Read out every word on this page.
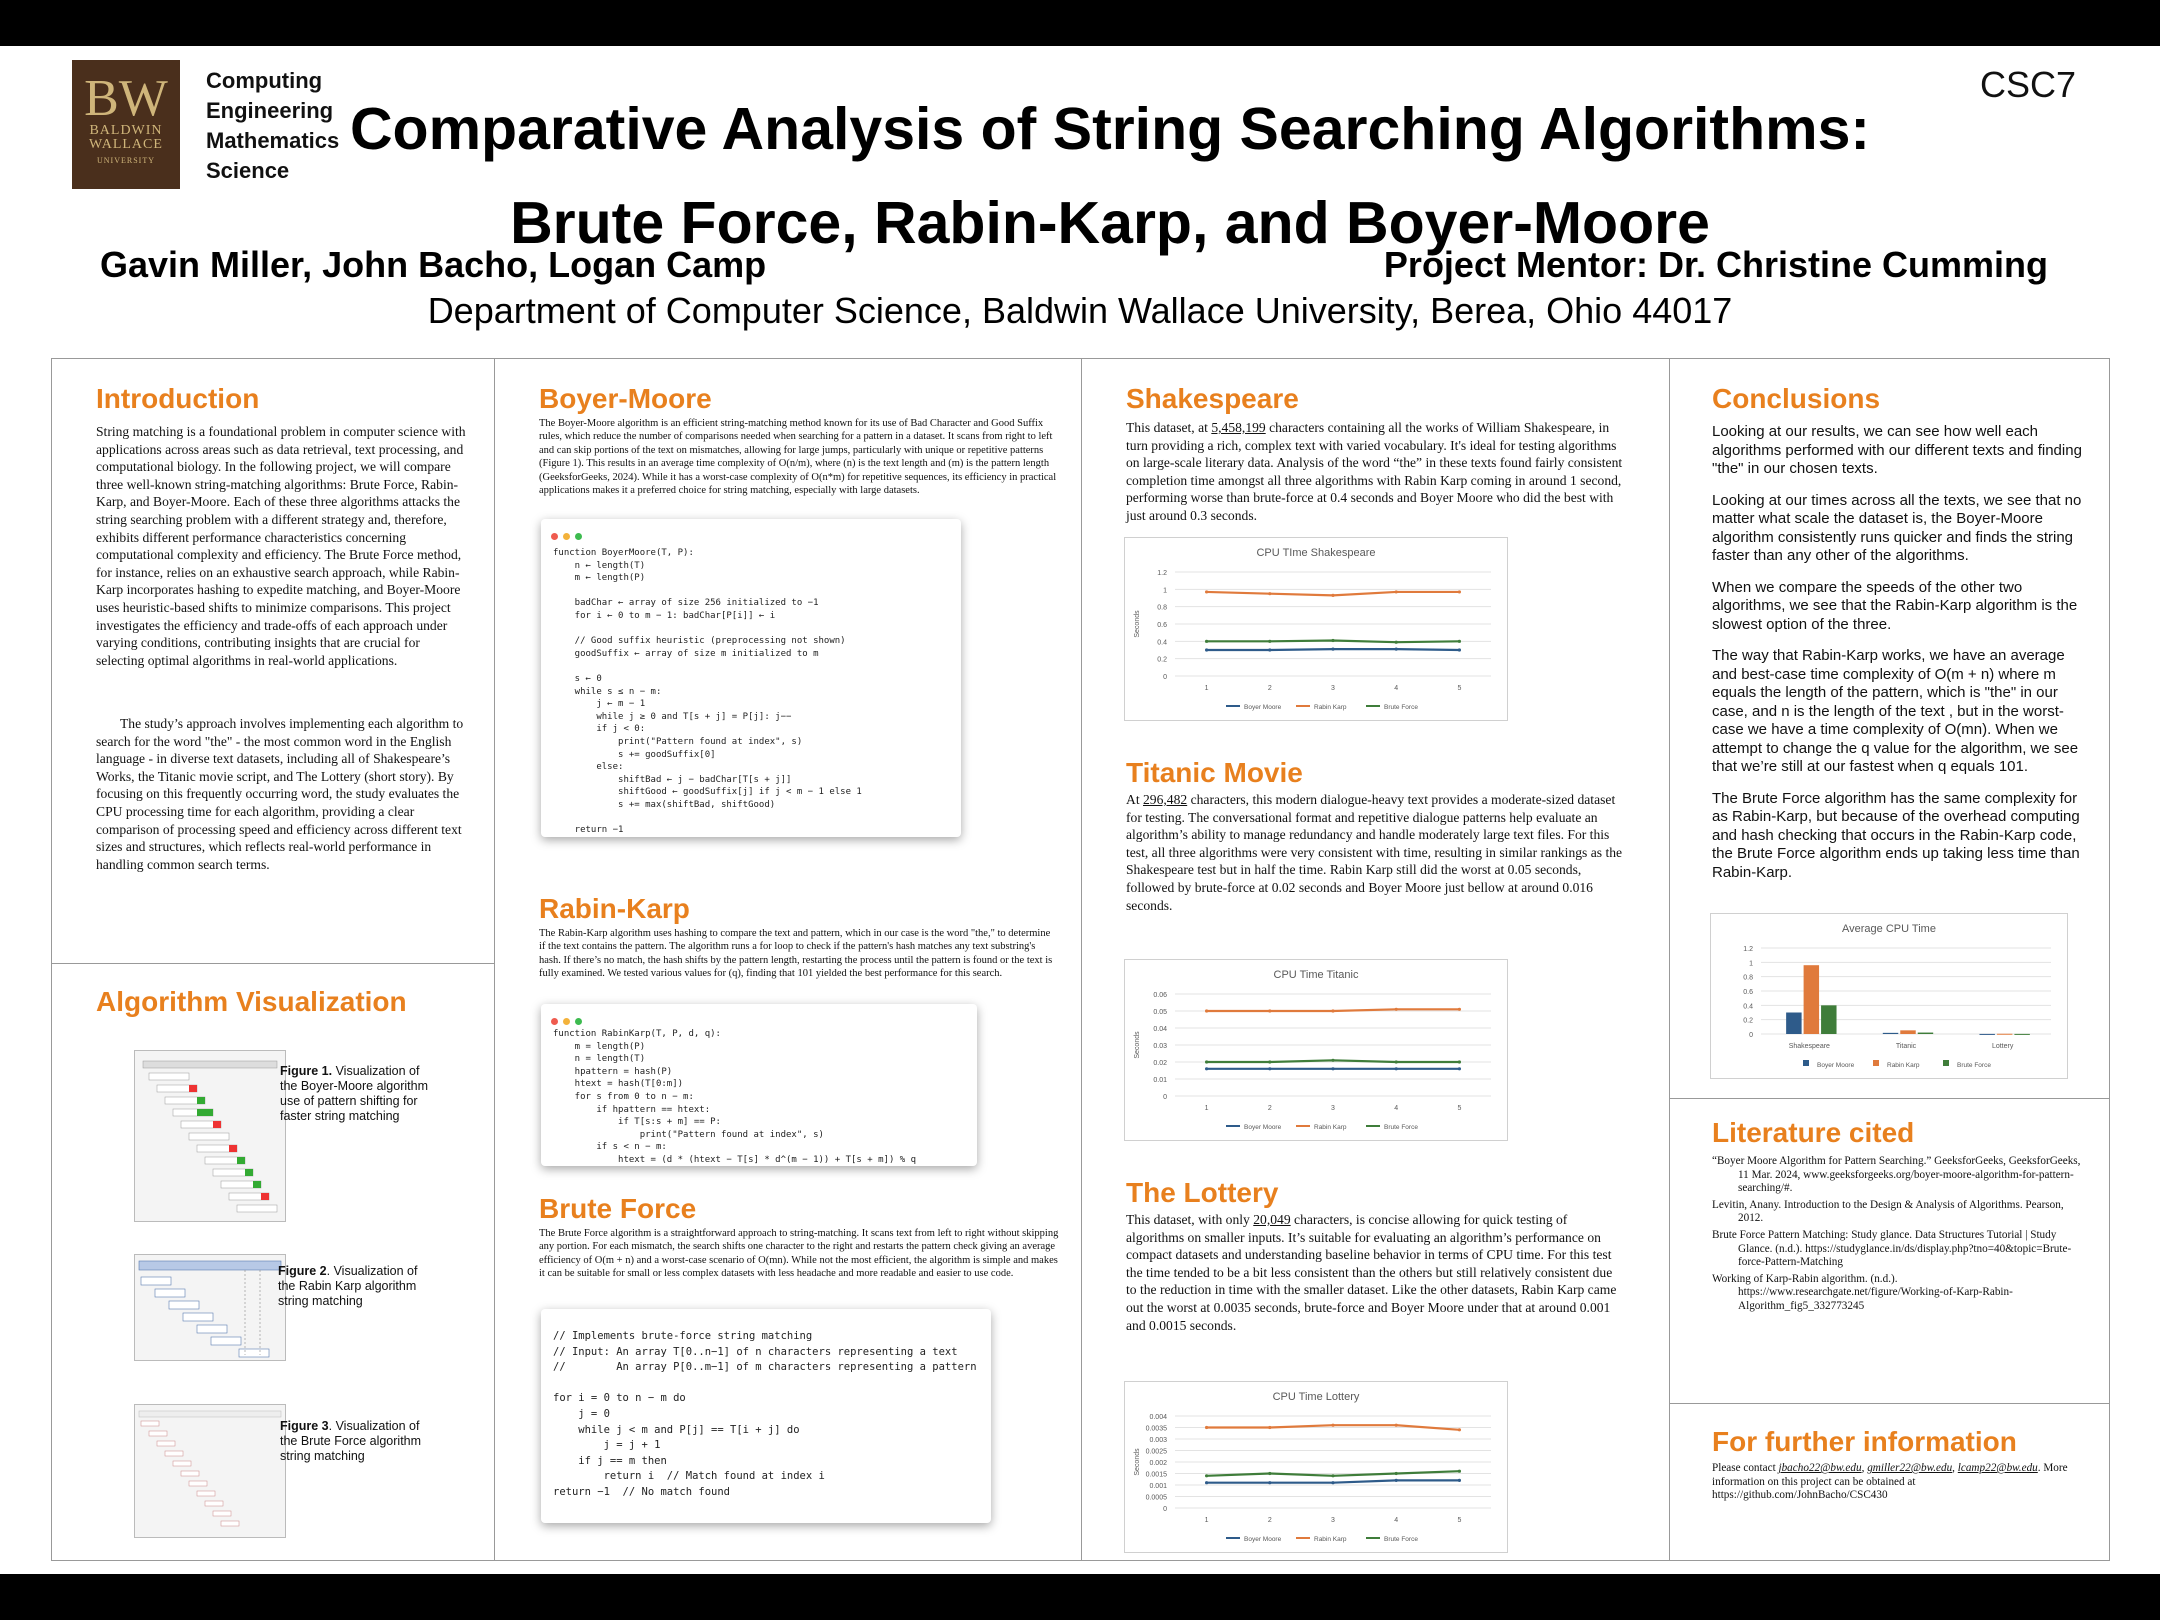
BW
BALDWIN
WALLACE
UNIVERSITY
Computing
Engineering
Mathematics
Science
CSC7
Comparative Analysis of String Searching Algorithms:
Brute Force, Rabin-Karp, and Boyer-Moore
Gavin Miller, John Bacho, Logan Camp	Project Mentor: Dr. Christine Cumming
Department of Computer Science, Baldwin Wallace University, Berea, Ohio 44017
Introduction

String matching is a foundational problem in computer science with applications across areas such as data retrieval, text processing, and computational biology. In the following project, we will compare three well-known string-matching algorithms: Brute Force, Rabin-Karp, and Boyer-Moore. Each of these three algorithms attacks the string searching problem with a different strategy and, therefore, exhibits different performance characteristics concerning computational complexity and efficiency. The Brute Force method, for instance, relies on an exhaustive search approach, while Rabin-Karp incorporates hashing to expedite matching, and Boyer-Moore uses heuristic-based shifts to minimize comparisons. This project investigates the efficiency and trade-offs of each approach under varying conditions, contributing insights that are crucial for selecting optimal algorithms in real-world applications.

The study’s approach involves implementing each algorithm to search for the word "the" - the most common word in the English language - in diverse text datasets, including all of Shakespeare’s Works, the Titanic movie script, and The Lottery (short story). By focusing on this frequently occurring word, the study evaluates the CPU processing time for each algorithm, providing a clear comparison of processing speed and efficiency across different text sizes and structures, which reflects real-world performance in handling common search terms.

Algorithm Visualization
Figure 1. Visualization of the Boyer-Moore algorithm use of pattern shifting for faster string matching
Figure 2. Visualization of the Rabin Karp algorithm string matching
Figure 3. Visualization of the Brute Force algorithm string matching
Boyer-Moore

The Boyer-Moore algorithm is an efficient string-matching method known for its use of Bad Character and Good Suffix rules, which reduce the number of comparisons needed when searching for a pattern in a dataset. It scans from right to left and can skip portions of the text on mismatches, allowing for large jumps, particularly with unique or repetitive patterns (Figure 1). This results in an average time complexity of O(n/m), where (n) is the text length and (m) is the pattern length (GeeksforGeeks, 2024). While it has a worst-case complexity of O(n*m) for repetitive sequences, its efficiency in practical applications makes it a preferred choice for string matching, especially with large datasets.

function BoyerMoore(T, P):
n ← length(T)
m ← length(P)

badChar ← array of size 256 initialized to −1
for i ← 0 to m − 1: badChar[P[i]] ← i

// Good suffix heuristic (preprocessing not shown)
goodSuffix ← array of size m initialized to m

s ← 0
while s ≤ n − m:
j ← m − 1
while j ≥ 0 and T[s + j] = P[j]: j−−
if j < 0:
print("Pattern found at index", s)
s += goodSuffix[0]
else:
shiftBad ← j − badChar[T[s + j]]
shiftGood ← goodSuffix[j] if j < m − 1 else 1
s += max(shiftBad, shiftGood)

return −1
Rabin-Karp

The Rabin-Karp algorithm uses hashing to compare the text and pattern, which in our case is the word "the," to determine if the text contains the pattern. The algorithm runs a for loop to check if the pattern's hash matches any text substring's hash. If there’s no match, the hash shifts by the pattern length, restarting the process until the pattern is found or the text is fully examined. We tested various values for (q), finding that 101 yielded the best performance for this search.

function RabinKarp(T, P, d, q):
m = length(P)
n = length(T)
hpattern = hash(P)
htext = hash(T[0:m])
for s from 0 to n − m:
if hpattern == htext:
if T[s:s + m] == P:
print("Pattern found at index", s)
if s < n − m:
htext = (d * (htext − T[s] * d^(m − 1)) + T[s + m]) % q
Brute Force

The Brute Force algorithm is a straightforward approach to string-matching. It scans text from left to right without skipping any portion. For each mismatch, the search shifts one character to the right and restarts the pattern check giving an average efficiency of O(m + n) and a worst-case scenario of O(mn). While not the most efficient, the algorithm is simple and makes it can be suitable for small or less complex datasets with less headache and more readable and easier to use code.

// Implements brute-force string matching
// Input: An array T[0..n−1] of n characters representing a text
//        An array P[0..m−1] of m characters representing a pattern

for i = 0 to n − m do
j = 0
while j < m and P[j] == T[i + j] do
j = j + 1
if j == m then
return i  // Match found at index i
return −1  // No match found
Shakespeare

This dataset, at 5,458,199 characters containing all the works of William Shakespeare, in turn providing a rich, complex text with varied vocabulary. It's ideal for testing algorithms on large-scale literary data. Analysis of the word “the” in these texts found fairly consistent completion time amongst all three algorithms with Rabin Karp coming in around 1 second, performing worse than brute-force at 0.4 seconds and Boyer Moore who did the best with just around 0.3 seconds.

CPU TIme Shakespeare
0
0.2
0.4
0.6
0.8
1
1.2
Seconds
1	2	3	4	5
Boyer Moore	Rabin Karp	Brute Force
Titanic Movie

At 296,482 characters, this modern dialogue-heavy text provides a moderate-sized dataset for testing. The conversational format and repetitive dialogue patterns help evaluate an algorithm’s ability to manage redundancy and handle moderately large text files. For this test, all three algorithms were very consistent with time, resulting in similar rankings as the Shakespeare test but in half the time. Rabin Karp still did the worst at 0.05 seconds, followed by brute-force at 0.02 seconds and Boyer Moore just bellow at around 0.016 seconds.

CPU Time Titanic
0
0.01
0.02
0.03
0.04
0.05
0.06
Seconds
1	2	3	4	5
Boyer Moore	Rabin Karp	Brute Force
The Lottery

This dataset, with only 20,049 characters, is concise allowing for quick testing of algorithms on smaller inputs. It’s suitable for evaluating an algorithm’s performance on compact datasets and understanding baseline behavior in terms of CPU time. For this test the time tended to be a bit less consistent than the others but still relatively consistent due to the reduction in time with the smaller dataset. Like the other datasets, Rabin Karp came out the worst at 0.0035 seconds, brute-force and Boyer Moore under that at around 0.001 and 0.0015 seconds.

CPU Time Lottery
0
0.0005
0.001
0.0015
0.002
0.0025
0.003
0.0035
0.004
Seconds
1	2	3	4	5
Boyer Moore	Rabin Karp	Brute Force
Conclusions

Looking at our results, we can see how well each algorithms performed with our different texts and finding "the" in our chosen texts.

Looking at our times across all the texts, we see that no matter what scale the dataset is, the Boyer-Moore algorithm consistently runs quicker and finds the string faster than any other of the algorithms.

When we compare the speeds of the other two algorithms, we see that the Rabin-Karp algorithm is the slowest option of the three.

The way that Rabin-Karp works, we have an average and best-case time complexity of O(m + n) where m equals the length of the pattern, which is "the" in our case, and n is the length of the text , but in the worst-case we have a time complexity of O(mn). When we attempt to change the q value for the algorithm, we see that we’re still at our fastest when q equals 101.

The Brute Force algorithm has the same complexity for as Rabin-Karp, but because of the overhead computing and hash checking that occurs in the Rabin-Karp code, the Brute Force algorithm ends up taking less time than Rabin-Karp.

Average CPU Time
0
0.2
0.4
0.6
0.8
1
1.2
Shakespeare	Titanic	Lottery
Boyer Moore	Rabin Karp	Brute Force
Literature cited
“Boyer Moore Algorithm for Pattern Searching.” GeeksforGeeks, GeeksforGeeks, 11 Mar. 2024, www.geeksforgeeks.org/boyer-moore-algorithm-for-pattern-searching/#.
Levitin, Anany. Introduction to the Design & Analysis of Algorithms. Pearson, 2012.
Brute Force Pattern Matching: Study glance. Data Structures Tutorial | Study Glance. (n.d.). https://studyglance.in/ds/display.php?tno=40&topic=Brute-force-Pattern-Matching
Working of Karp-Rabin algorithm. (n.d.). https://www.researchgate.net/figure/Working-of-Karp-Rabin-Algorithm_fig5_332773245
For further information
Please contact jbacho22@bw.edu, gmiller22@bw.edu, lcamp22@bw.edu. More information on this project can be obtained at https://github.com/JohnBacho/CSC430
